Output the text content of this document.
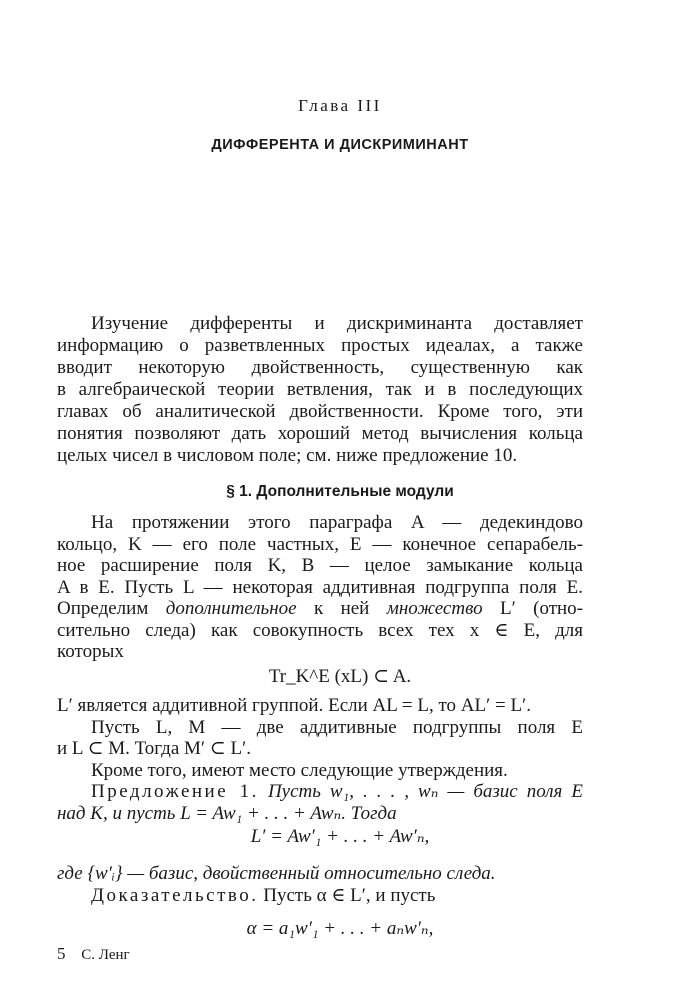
Глава III
ДИФФЕРЕНТА И ДИСКРИМИНАНТ
Изучение дифференты и дискриминанта доставляет
информацию о разветвленных простых идеалах, а также
вводит некоторую двойственность, существенную как
в алгебраической теории ветвления, так и в последующих
главах об аналитической двойственности. Кроме того, эти
понятия позволяют дать хороший метод вычисления кольца
целых чисел в числовом поле; см. ниже предложение 10.
§ 1. Дополнительные модули
На протяжении этого параграфа A — дедекиндово
кольцо, K — его поле частных, E — конечное сепарабель-
ное расширение поля K, B — целое замыкание кольца
A в E. Пусть L — некоторая аддитивная подгруппа поля E.
Определим дополнительное к ней множество L′ (отно-
сительно следа) как совокупность всех тех x ∈ E, для
которых
Tr_K^E (xL) ⊂ A.
L′ является аддитивной группой. Если AL = L, то AL′ = L′.
Пусть L, M — две аддитивные подгруппы поля E
и L ⊂ M. Тогда M′ ⊂ L′.
Кроме того, имеют место следующие утверждения.
Предложение 1. Пусть w₁, . . . , wₙ — базис поля E
над K, и пусть L = Aw₁ + . . . + Awₙ. Тогда
L′ = Aw′₁ + . . . + Aw′ₙ,
где {w′ᵢ} — базис, двойственный относительно следа.
Доказательство. Пусть α ∈ L′, и пусть
α = a₁w′₁ + . . . + aₙw′ₙ,
5 С. Ленг
